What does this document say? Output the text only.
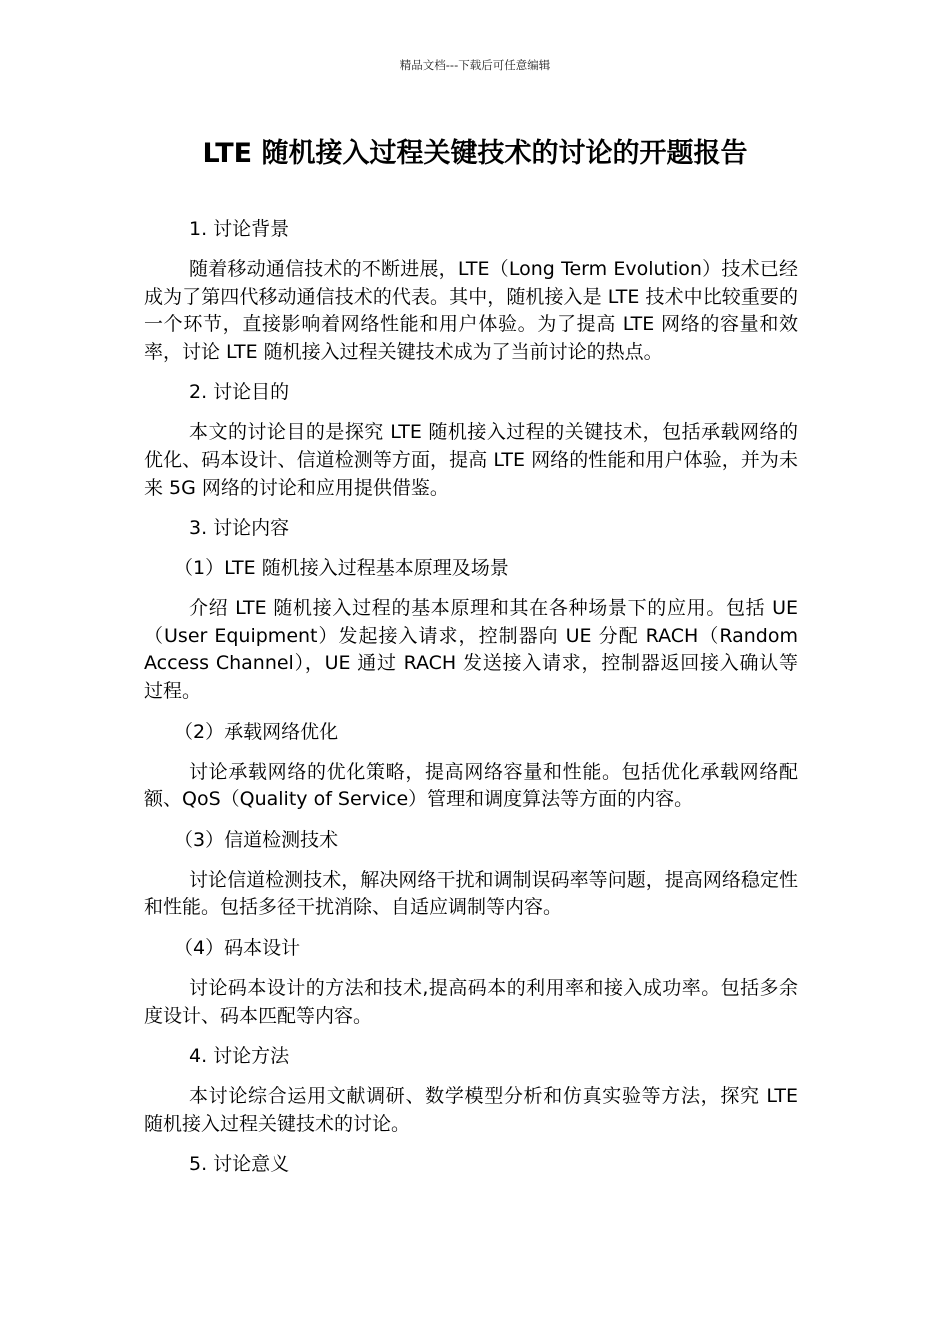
精品文档---下载后可任意编辑
LTE 随机接入过程关键技术的讨论的开题报告
1. 讨论背景

随着移动通信技术的不断进展，LTE（Long Term Evolution）技术已经成为了第四代移动通信技术的代表。其中，随机接入是 LTE 技术中比较重要的一个环节，直接影响着网络性能和用户体验。为了提高 LTE 网络的容量和效率，讨论 LTE 随机接入过程关键技术成为了当前讨论的热点。

2. 讨论目的

本文的讨论目的是探究 LTE 随机接入过程的关键技术，包括承载网络的优化、码本设计、信道检测等方面，提高 LTE 网络的性能和用户体验，并为未来 5G 网络的讨论和应用提供借鉴。

3. 讨论内容
（1）LTE 随机接入过程基本原理及场景

介绍 LTE 随机接入过程的基本原理和其在各种场景下的应用。包括 UE（User Equipment）发起接入请求，控制器向 UE 分配 RACH（Random Access Channel），UE 通过 RACH 发送接入请求，控制器返回接入确认等过程。

（2）承载网络优化

讨论承载网络的优化策略，提高网络容量和性能。包括优化承载网络配额、QoS（Quality of Service）管理和调度算法等方面的内容。

（3）信道检测技术

讨论信道检测技术，解决网络干扰和调制误码率等问题，提高网络稳定性和性能。包括多径干扰消除、自适应调制等内容。

（4）码本设计

讨论码本设计的方法和技术,提高码本的利用率和接入成功率。包括多余度设计、码本匹配等内容。

4. 讨论方法

本讨论综合运用文献调研、数学模型分析和仿真实验等方法，探究 LTE 随机接入过程关键技术的讨论。

5. 讨论意义
